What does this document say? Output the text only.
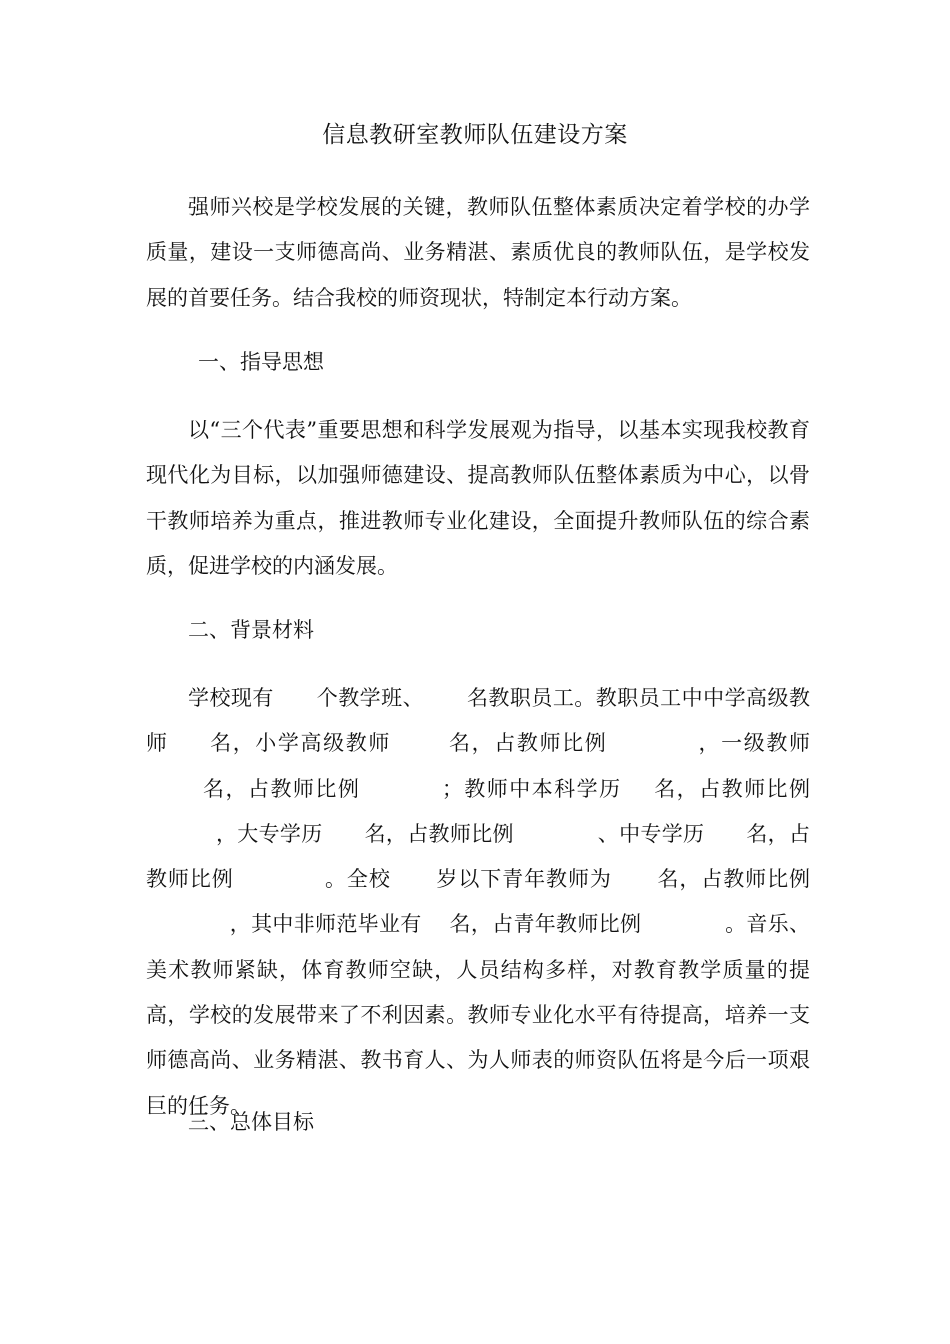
信息教研室教师队伍建设方案
强师兴校是学校发展的关键，教师队伍整体素质决定着学校的办学质量，建设一支师德高尚、业务精湛、素质优良的教师队伍，是学校发展的首要任务。结合我校的师资现状，特制定本行动方案。
一、指导思想
以“三个代表”重要思想和科学发展观为指导，以基本实现我校教育现代化为目标，以加强师德建设、提高教师队伍整体素质为中心，以骨干教师培养为重点，推进教师专业化建设，全面提升教师队伍的综合素质，促进学校的内涵发展。
二、背景材料
学校现有 个教学班、 名教职员工。教职员工中中学高级教师 名，小学高级教师	名，占教师比例	，一级教师       名，占教师比例	；教师中本科学历 名，占教师比例          ，大专学历 名，占教师比例	、中专学历 名，占教师比例	。全校 岁以下青年教师为 名，占教师比例            ，其中非师范毕业有 名，占青年教师比例	。音乐、美术教师紧缺，体育教师空缺，人员结构多样，对教育教学质量的提高，学校的发展带来了不利因素。教师专业化水平有待提高，培养一支师德高尚、业务精湛、教书育人、为人师表的师资队伍将是今后一项艰巨的任务。
三、总体目标
